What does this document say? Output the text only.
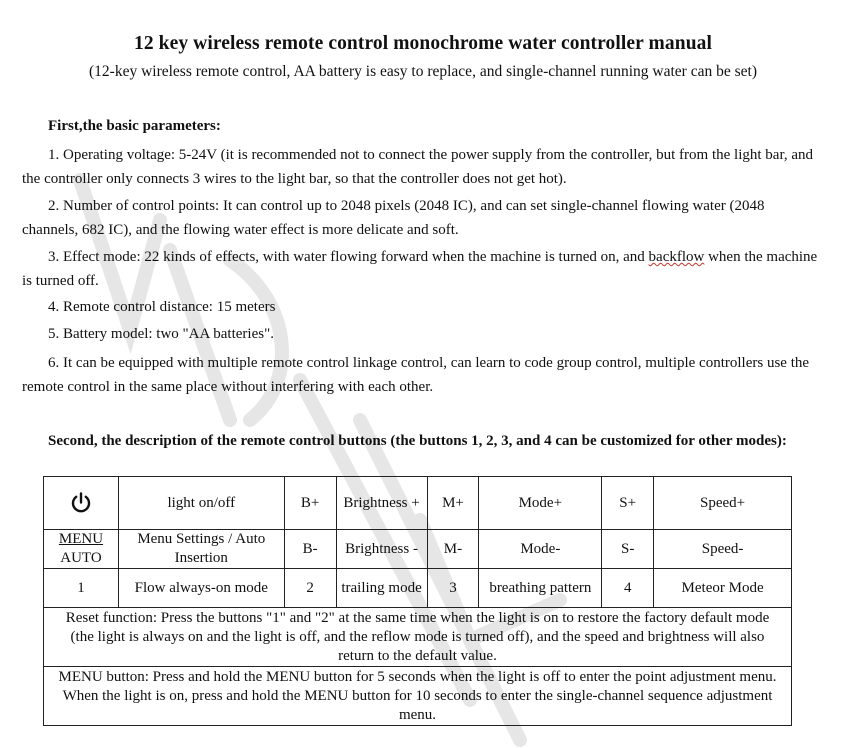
12 key wireless remote control monochrome water controller manual
(12-key wireless remote control, AA battery is easy to replace, and single-channel running water can be set)
First,the basic parameters:
1. Operating voltage: 5-24V (it is recommended not to connect the power supply from the controller, but from the light bar, and the controller only connects 3 wires to the light bar, so that the controller does not get hot).
2. Number of control points: It can control up to 2048 pixels (2048 IC), and can set single-channel flowing water (2048 channels, 682 IC), and the flowing water effect is more delicate and soft.
3. Effect mode: 22 kinds of effects, with water flowing forward when the machine is turned on, and backflow when the machine is turned off.
4. Remote control distance: 15 meters
5. Battery model: two "AA batteries".
6. It can be equipped with multiple remote control linkage control, can learn to code group control, multiple controllers use the remote control in the same place without interfering with each other.
Second, the description of the remote control buttons (the buttons 1, 2, 3, and 4 can be customized for other modes):
	light on/off	B+	Brightness +	M+	Mode+	S+	Speed+

MENU
AUTO	Menu Settings / Auto Insertion	B-	Brightness -	M-	Mode-	S-	Speed-
1	Flow always-on mode	2	trailing mode	3	breathing pattern	4	Meteor Mode
Reset function: Press the buttons "1" and "2" at the same time when the light is on to restore the factory default mode (the light is always on and the light is off, and the reflow mode is turned off), and the speed and brightness will also return to the default value.							
MENU button: Press and hold the MENU button for 5 seconds when the light is off to enter the point adjustment menu. When the light is on, press and hold the MENU button for 10 seconds to enter the single-channel sequence adjustment menu.							
